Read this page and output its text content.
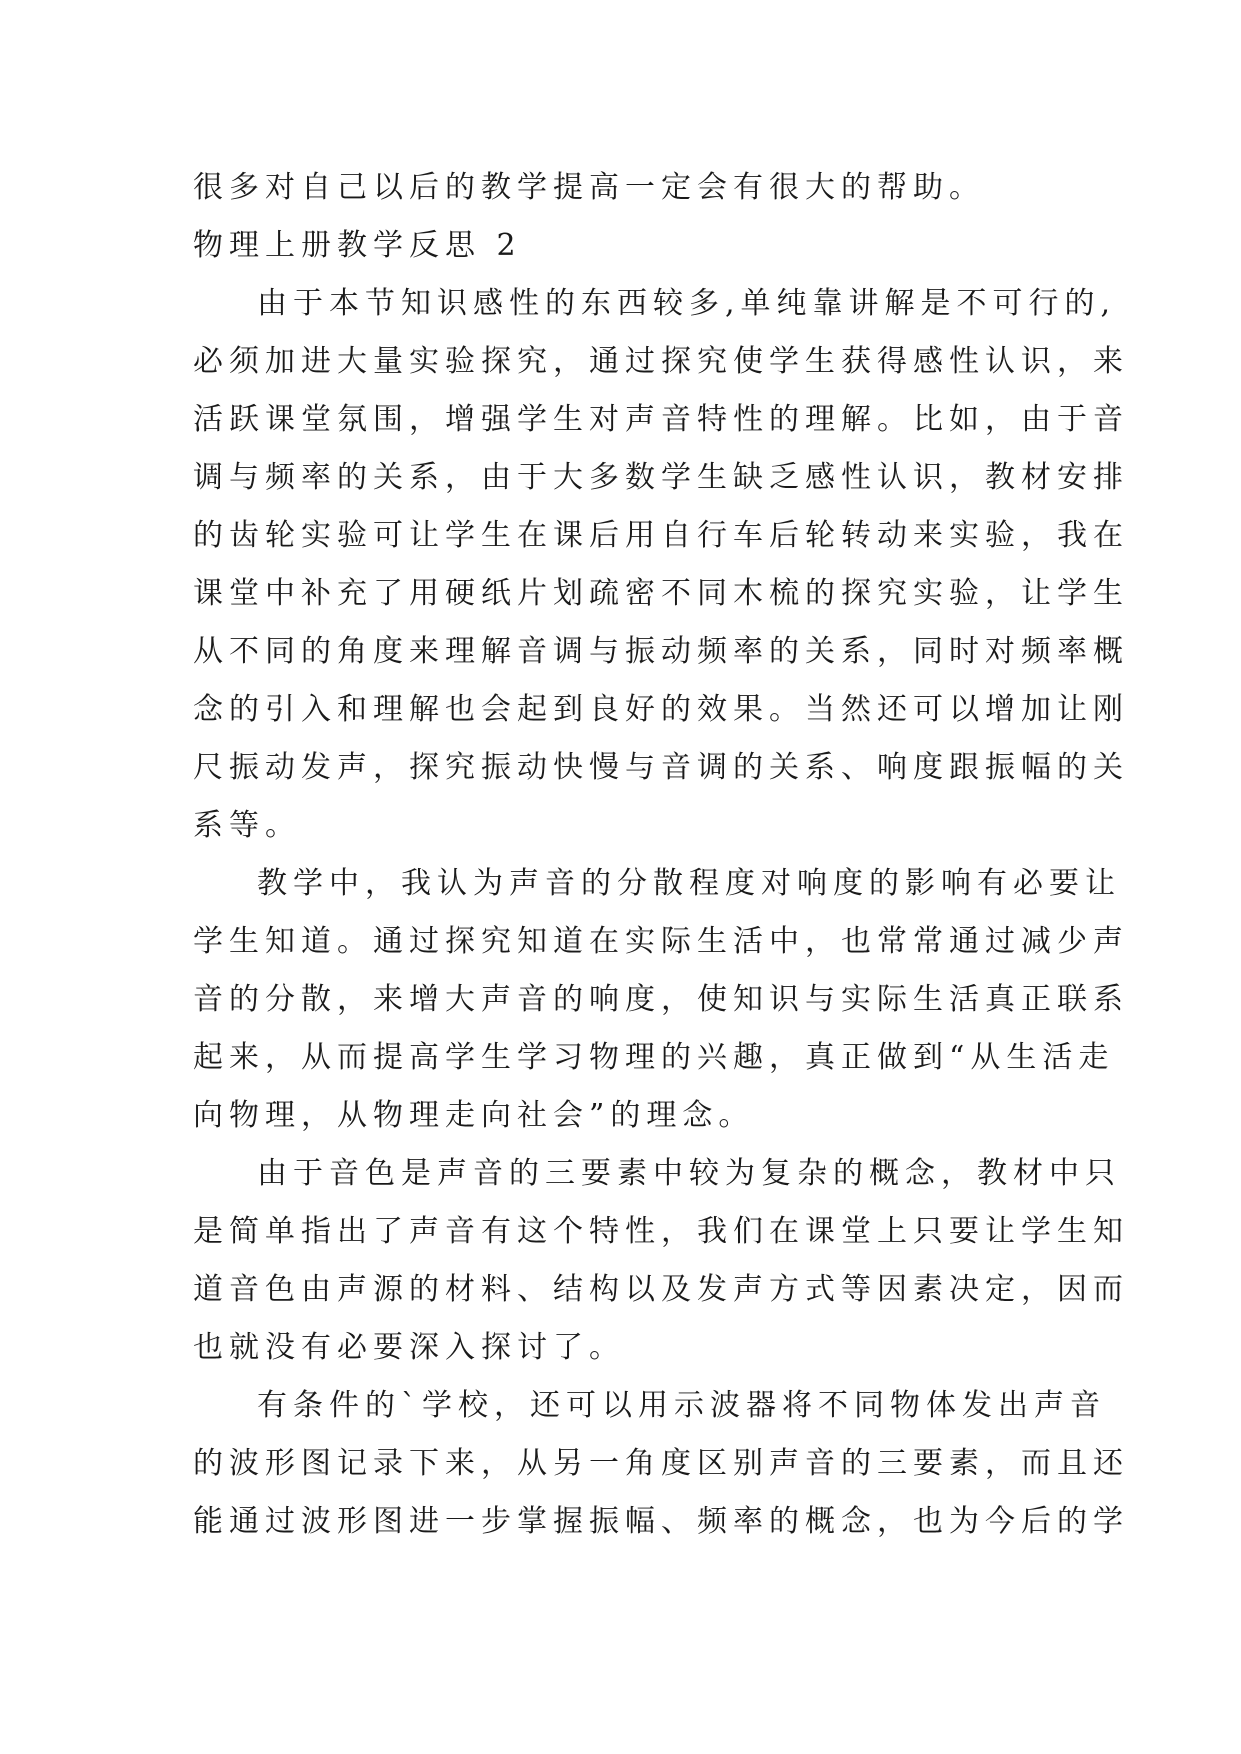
很多对自己以后的教学提高一定会有很大的帮助。

物理上册教学反思 2

由于本节知识感性的东西较多,单纯靠讲解是不可行的,

必须加进大量实验探究，通过探究使学生获得感性认识，来

活跃课堂氛围，增强学生对声音特性的理解。比如，由于音

调与频率的关系，由于大多数学生缺乏感性认识，教材安排

的齿轮实验可让学生在课后用自行车后轮转动来实验，我在

课堂中补充了用硬纸片划疏密不同木梳的探究实验，让学生

从不同的角度来理解音调与振动频率的关系，同时对频率概

念的引入和理解也会起到良好的效果。当然还可以增加让刚

尺振动发声，探究振动快慢与音调的关系、响度跟振幅的关

系等。

教学中，我认为声音的分散程度对响度的影响有必要让

学生知道。通过探究知道在实际生活中，也常常通过减少声

音的分散，来增大声音的响度，使知识与实际生活真正联系

起来，从而提高学生学习物理的兴趣，真正做到“从生活走

向物理，从物理走向社会”的理念。

由于音色是声音的三要素中较为复杂的概念，教材中只

是简单指出了声音有这个特性，我们在课堂上只要让学生知

道音色由声源的材料、结构以及发声方式等因素决定，因而

也就没有必要深入探讨了。

有条件的`学校，还可以用示波器将不同物体发出声音

的波形图记录下来，从另一角度区别声音的三要素，而且还

能通过波形图进一步掌握振幅、频率的概念，也为今后的学
